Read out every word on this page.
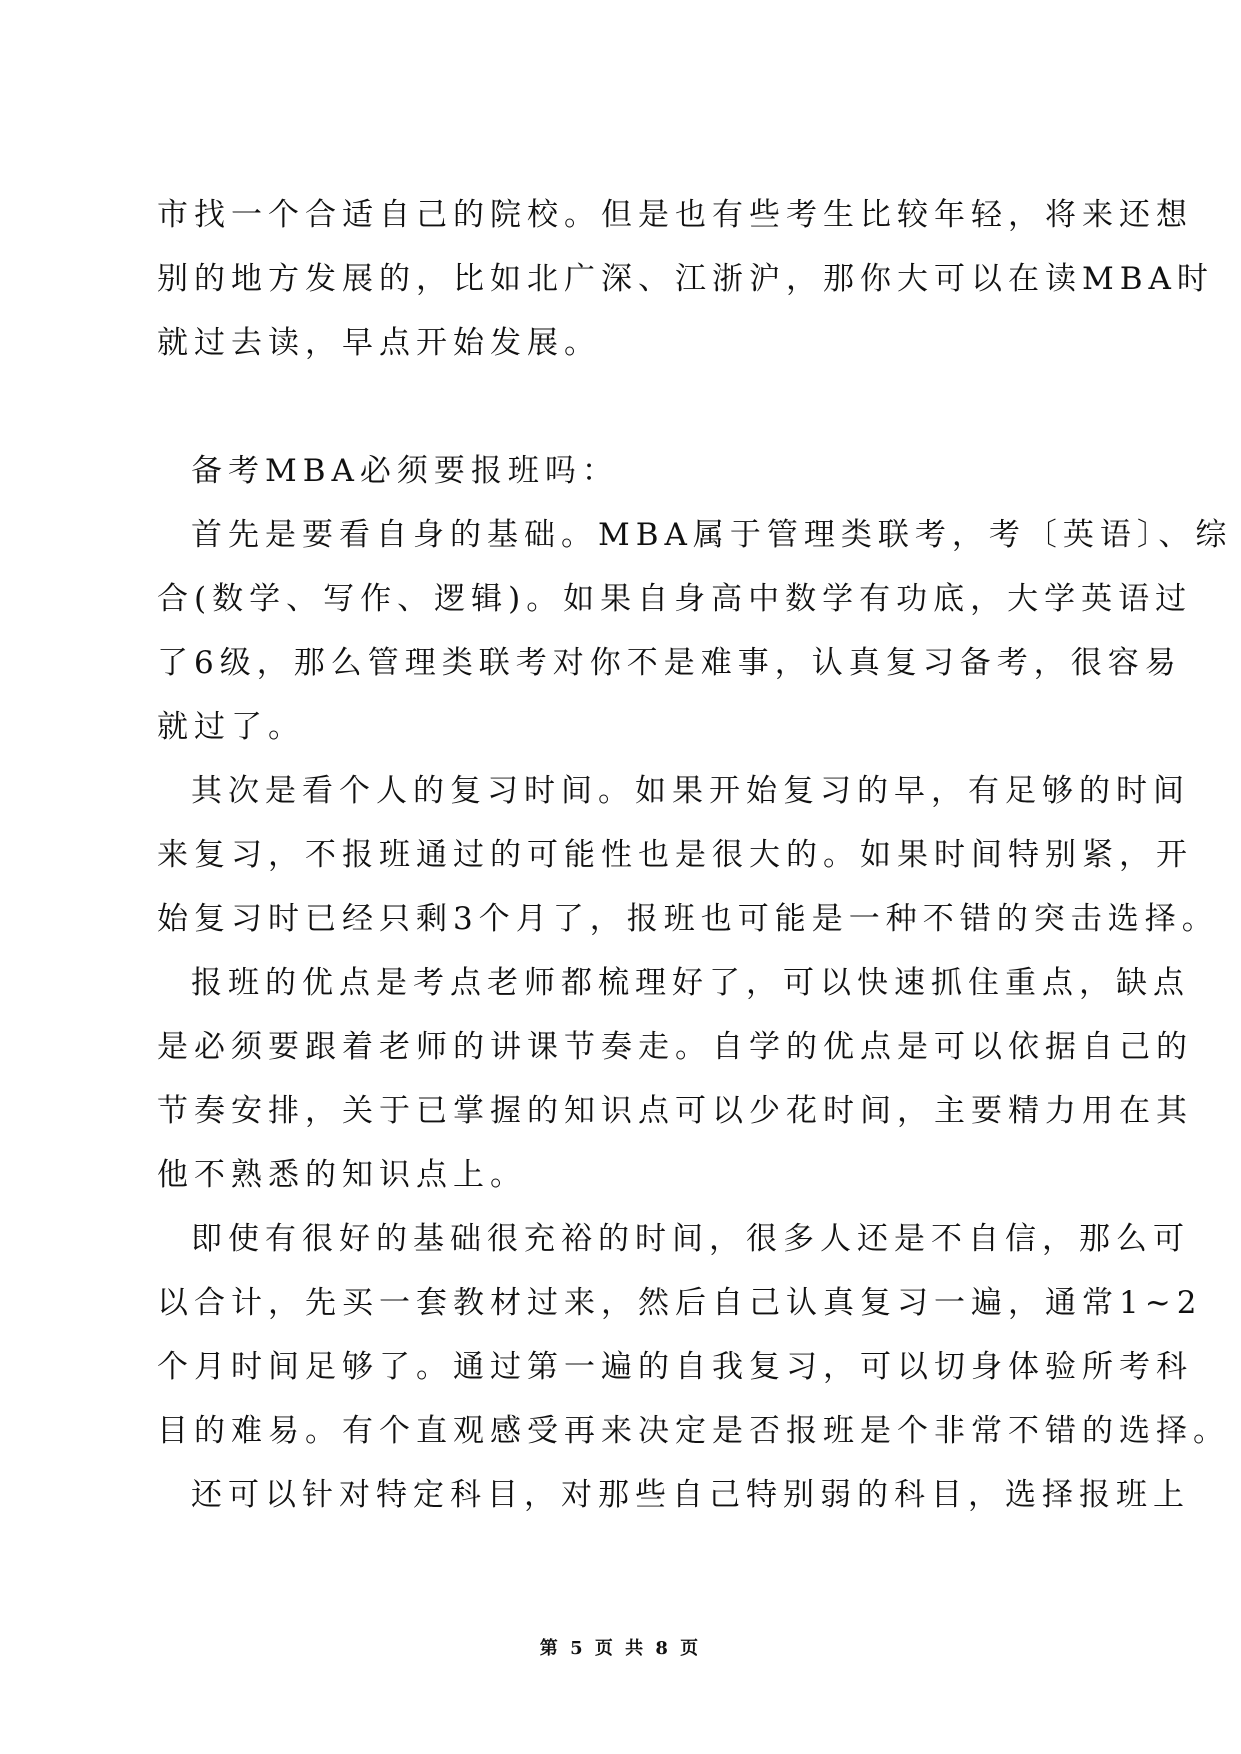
市找一个合适自己的院校。但是也有些考生比较年轻，将来还想
别的地方发展的，比如北广深、江浙沪，那你大可以在读MBA时
就过去读，早点开始发展。
备考MBA必须要报班吗：
首先是要看自身的基础。MBA属于管理类联考，考〔英语〕、综
合(数学、写作、逻辑)。如果自身高中数学有功底，大学英语过
了6级，那么管理类联考对你不是难事，认真复习备考，很容易
就过了。
其次是看个人的复习时间。如果开始复习的早，有足够的时间
来复习，不报班通过的可能性也是很大的。如果时间特别紧，开
始复习时已经只剩3个月了，报班也可能是一种不错的突击选择。
报班的优点是考点老师都梳理好了，可以快速抓住重点，缺点
是必须要跟着老师的讲课节奏走。自学的优点是可以依据自己的
节奏安排，关于已掌握的知识点可以少花时间，主要精力用在其
他不熟悉的知识点上。
即使有很好的基础很充裕的时间，很多人还是不自信，那么可
以合计，先买一套教材过来，然后自己认真复习一遍，通常1~2
个月时间足够了。通过第一遍的自我复习，可以切身体验所考科
目的难易。有个直观感受再来决定是否报班是个非常不错的选择。
还可以针对特定科目，对那些自己特别弱的科目，选择报班上
第 5 页 共 8 页
